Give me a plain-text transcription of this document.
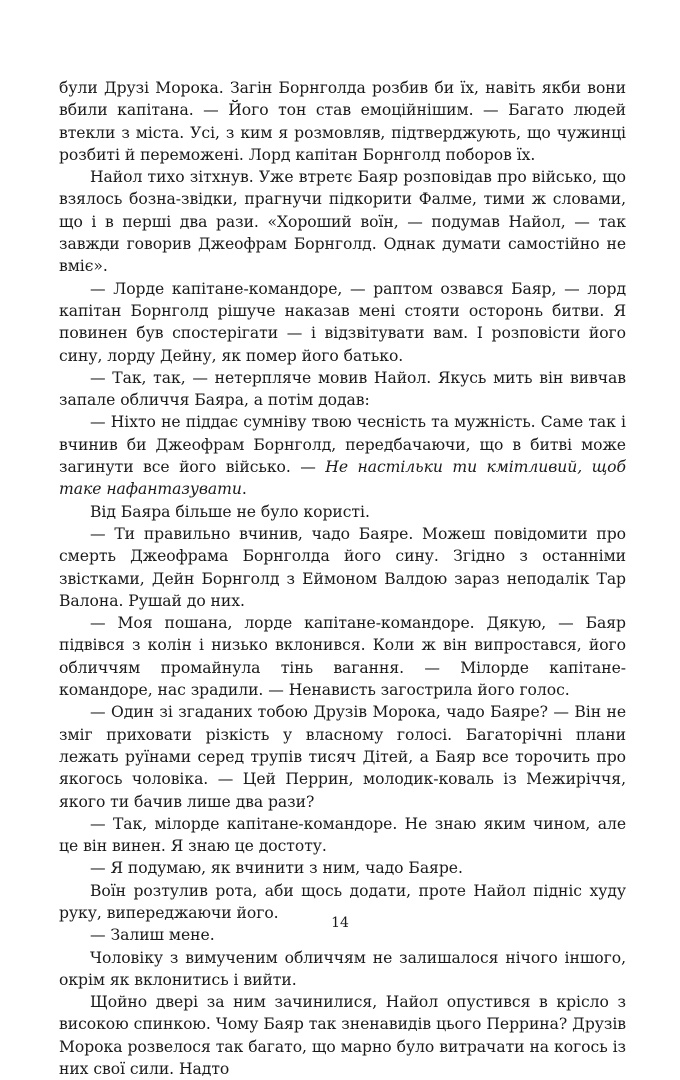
були Друзі Морока. Загін Борнголда розбив би їх, навіть якби вони вбили капітана. — Його тон став емоційнішим. — Багато людей втекли з міста. Усі, з ким я розмовляв, підтверджують, що чужинці розбиті й переможені. Лорд капітан Борнголд поборов їх.

Найол тихо зітхнув. Уже втретє Баяр розповідав про військо, що взялось бозна-звідки, прагнучи підкорити Фалме, тими ж словами, що і в перші два рази. «Хороший воїн, — подумав Найол, — так завжди говорив Джеофрам Борнголд. Однак думати самостійно не вміє».

— Лорде капітане-командоре, — раптом озвався Баяр, — лорд капітан Борнголд рішуче наказав мені стояти осторонь битви. Я повинен був спостерігати — і відзвітувати вам. І розповісти його сину, лорду Дейну, як помер його батько.

— Так, так, — нетерпляче мовив Найол. Якусь мить він вивчав запале обличчя Баяра, а потім додав:

— Ніхто не піддає сумніву твою чесність та мужність. Саме так і вчинив би Джеофрам Борнголд, передбачаючи, що в битві може загинути все його військо. — Не настільки ти кмітливий, щоб таке нафантазувати.

Від Баяра більше не було користі.

— Ти правильно вчинив, чадо Баяре. Можеш повідомити про смерть Джеофрама Борнголда його сину. Згідно з останніми звістками, Дейн Борнголд з Еймоном Валдою зараз неподалік Тар Валона. Рушай до них.

— Моя пошана, лорде капітане-командоре. Дякую, — Баяр підвівся з колін і низько вклонився. Коли ж він випростався, його обличчям промайнула тінь вагання. — Мілорде капітане-командоре, нас зрадили. — Ненависть загострила його голос.

— Один зі згаданих тобою Друзів Морока, чадо Баяре? — Він не зміг приховати різкість у власному голосі. Багаторічні плани лежать руїнами серед трупів тисяч Дітей, а Баяр все торочить про якогось чоловіка. — Цей Перрин, молодик-коваль із Межиріччя, якого ти бачив лише два рази?

— Так, мілорде капітане-командоре. Не знаю яким чином, але це він винен. Я знаю це достоту.

— Я подумаю, як вчинити з ним, чадо Баяре.

Воїн розтулив рота, аби щось додати, проте Найол підніс худу руку, випереджаючи його.

— Залиш мене.

Чоловіку з вимученим обличчям не залишалося нічого іншого, окрім як вклонитись і вийти.

Щойно двері за ним зачинилися, Найол опустився в крісло з високою спинкою. Чому Баяр так зненавидів цього Перрина? Друзів Морока розвелося так багато, що марно було витрачати на когось із них свої сили. Надто

14
